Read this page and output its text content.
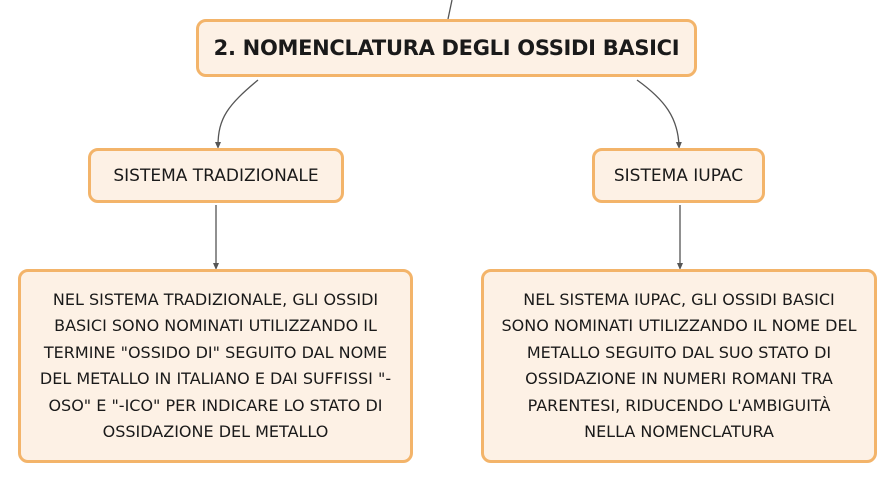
2. NOMENCLATURA DEGLI OSSIDI BASICI
SISTEMA TRADIZIONALE	SISTEMA IUPAC
NEL SISTEMA TRADIZIONALE, GLI OSSIDI BASICI SONO NOMINATI UTILIZZANDO IL TERMINE "OSSIDO DI" SEGUITO DAL NOME DEL METALLO IN ITALIANO E DAI SUFFISSI "-OSO" E "-ICO" PER INDICARE LO STATO DI OSSIDAZIONE DEL METALLO
NEL SISTEMA IUPAC, GLI OSSIDI BASICI SONO NOMINATI UTILIZZANDO IL NOME DEL METALLO SEGUITO DAL SUO STATO DI OSSIDAZIONE IN NUMERI ROMANI TRA PARENTESI, RIDUCENDO L'AMBIGUITÀ NELLA NOMENCLATURA
